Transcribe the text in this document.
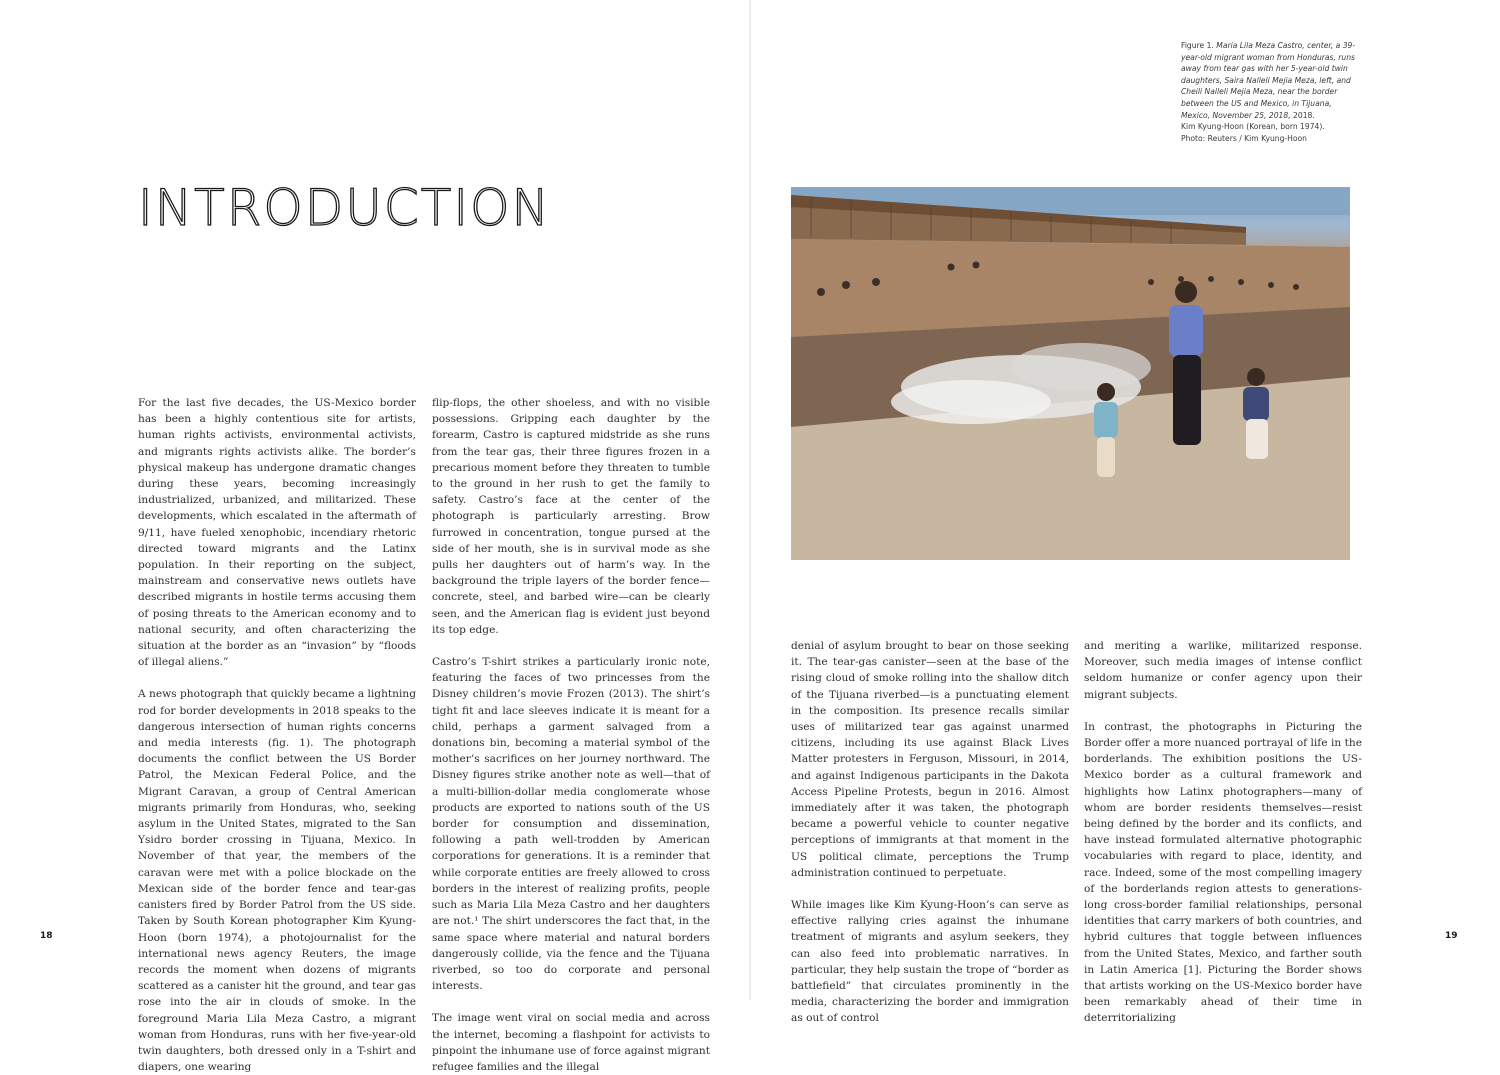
INTRODUCTION

For the last five decades, the US-Mexico border has been a highly contentious site for artists, human rights activists, environmental activists, and migrants rights activists alike. The border’s physical makeup has undergone dramatic changes during these years, becoming increasingly industrialized, urbanized, and militarized. These developments, which escalated in the aftermath of 9/11, have fueled xenophobic, incendiary rhetoric directed toward migrants and the Latinx population. In their reporting on the subject, mainstream and conservative news outlets have described migrants in hostile terms accusing them of posing threats to the American economy and to national security, and often characterizing the situation at the border as an “invasion” by “floods of illegal aliens.”

A news photograph that quickly became a lightning rod for border developments in 2018 speaks to the dangerous intersection of human rights concerns and media interests (fig. 1). The photograph documents the conflict between the US Border Patrol, the Mexican Federal Police, and the Migrant Caravan, a group of Central American migrants primarily from Honduras, who, seeking asylum in the United States, migrated to the San Ysidro border crossing in Tijuana, Mexico. In November of that year, the members of the caravan were met with a police blockade on the Mexican side of the border fence and tear-gas canisters fired by Border Patrol from the US side. Taken by South Korean photographer Kim Kyung-Hoon (born 1974), a photojournalist for the international news agency Reuters, the image records the moment when dozens of migrants scattered as a canister hit the ground, and tear gas rose into the air in clouds of smoke. In the foreground Maria Lila Meza Castro, a migrant woman from Honduras, runs with her five-year-old twin daughters, both dressed only in a T-shirt and diapers, one wearing

flip-flops, the other shoeless, and with no visible possessions. Gripping each daughter by the forearm, Castro is captured midstride as she runs from the tear gas, their three figures frozen in a precarious moment before they threaten to tumble to the ground in her rush to get the family to safety. Castro’s face at the center of the photograph is particularly arresting. Brow furrowed in concentration, tongue pursed at the side of her mouth, she is in survival mode as she pulls her daughters out of harm’s way. In the background the triple layers of the border fence—concrete, steel, and barbed wire—can be clearly seen, and the American flag is evident just beyond its top edge.

Castro’s T-shirt strikes a particularly ironic note, featuring the faces of two princesses from the Disney children’s movie Frozen (2013). The shirt’s tight fit and lace sleeves indicate it is meant for a child, perhaps a garment salvaged from a donations bin, becoming a material symbol of the mother’s sacrifices on her journey northward. The Disney figures strike another note as well—that of a multi-billion-dollar media conglomerate whose products are exported to nations south of the US border for consumption and dissemination, following a path well-trodden by American corporations for generations. It is a reminder that while corporate entities are freely allowed to cross borders in the interest of realizing profits, people such as Maria Lila Meza Castro and her daughters are not.¹ The shirt underscores the fact that, in the same space where material and natural borders dangerously collide, via the fence and the Tijuana riverbed, so too do corporate and personal interests.

The image went viral on social media and across the internet, becoming a flashpoint for activists to pinpoint the inhumane use of force against migrant refugee families and the illegal

18
Figure 1. Maria Lila Meza Castro, center, a 39-year-old migrant woman from Honduras, runs away from tear gas with her 5-year-old twin daughters, Saira Nalleli Mejia Meza, left, and Cheili Nalleli Mejia Meza, near the border between the US and Mexico, in Tijuana, Mexico, November 25, 2018, 2018.
Kim Kyung-Hoon (Korean, born 1974).
Photo: Reuters / Kim Kyung-Hoon
19

denial of asylum brought to bear on those seeking it. The tear-gas canister—seen at the base of the rising cloud of smoke rolling into the shallow ditch of the Tijuana riverbed—is a punctuating element in the composition. Its presence recalls similar uses of militarized tear gas against unarmed citizens, including its use against Black Lives Matter protesters in Ferguson, Missouri, in 2014, and against Indigenous participants in the Dakota Access Pipeline Protests, begun in 2016. Almost immediately after it was taken, the photograph became a powerful vehicle to counter negative perceptions of immigrants at that moment in the US political climate, perceptions the Trump administration continued to perpetuate.

While images like Kim Kyung-Hoon’s can serve as effective rallying cries against the inhumane treatment of migrants and asylum seekers, they can also feed into problematic narratives. In particular, they help sustain the trope of “border as battlefield” that circulates prominently in the media, characterizing the border and immigration as out of control

and meriting a warlike, militarized response. Moreover, such media images of intense conflict seldom humanize or confer agency upon their migrant subjects.

In contrast, the photographs in Picturing the Border offer a more nuanced portrayal of life in the borderlands. The exhibition positions the US-Mexico border as a cultural framework and highlights how Latinx photographers—many of whom are border residents themselves—resist being defined by the border and its conflicts, and have instead formulated alternative photographic vocabularies with regard to place, identity, and race. Indeed, some of the most compelling imagery of the borderlands region attests to generations-long cross-border familial relationships, personal identities that carry markers of both countries, and hybrid cultures that toggle between influences from the United States, Mexico, and farther south in Latin America [1]. Picturing the Border shows that artists working on the US-Mexico border have been remarkably ahead of their time in deterritorializing
